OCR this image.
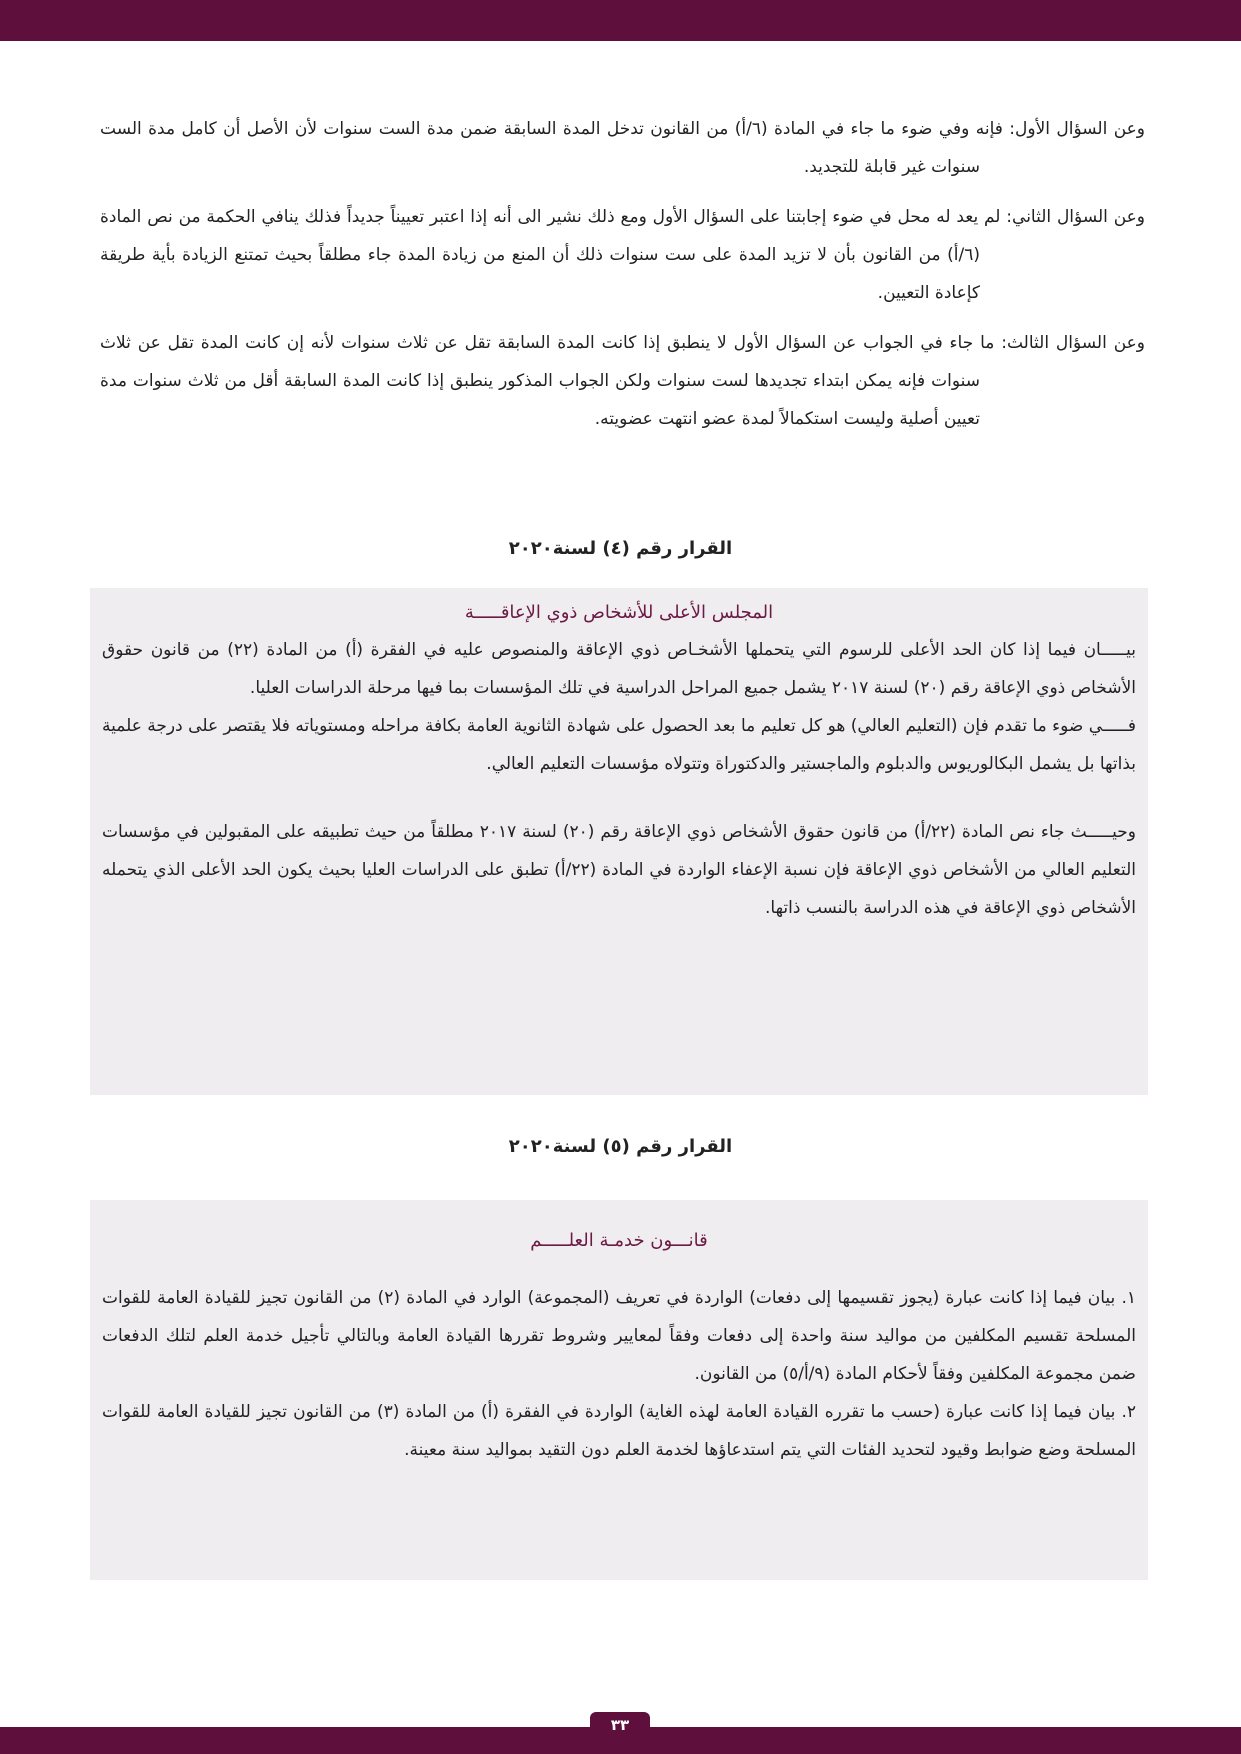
وعن السؤال الأول: فإنه وفي ضوء ما جاء في المادة (٦/أ) من القانون تدخل المدة السابقة ضمن مدة الست سنوات لأن الأصل أن كامل مدة الست سنوات غير قابلة للتجديد.

وعن السؤال الثاني: لم يعد له محل في ضوء إجابتنا على السؤال الأول ومع ذلك نشير الى أنه إذا اعتبر تعييناً جديداً فذلك ينافي الحكمة من نص المادة (٦/أ) من القانون بأن لا تزيد المدة على ست سنوات ذلك أن المنع من زيادة المدة جاء مطلقاً بحيث تمتنع الزيادة بأية طريقة كإعادة التعيين.

وعن السؤال الثالث: ما جاء في الجواب عن السؤال الأول لا ينطبق إذا كانت المدة السابقة تقل عن ثلاث سنوات لأنه إن كانت المدة تقل عن ثلاث سنوات فإنه يمكن ابتداء تجديدها لست سنوات ولكن الجواب المذكور ينطبق إذا كانت المدة السابقة أقل من ثلاث سنوات مدة تعيين أصلية وليست استكمالاً لمدة عضو انتهت عضويته.

القرار رقم (٤) لسنة٢٠٢٠
المجلس الأعلى للأشخاص ذوي الإعاقـــــة

بيـــــان فيما إذا كان الحد الأعلى للرسوم التي يتحملها الأشخـاص ذوي الإعاقة والمنصوص عليه في الفقرة (أ) من المادة (٢٢) من قانون حقوق الأشخاص ذوي الإعاقة رقم (٢٠) لسنة ٢٠١٧ يشمل جميع المراحل الدراسية في تلك المؤسسات بما فيها مرحلة الدراسات العليا.

فـــــي ضوء ما تقدم فإن (التعليم العالي) هو كل تعليم ما بعد الحصول على شهادة الثانوية العامة بكافة مراحله ومستوياته فلا يقتصر على درجة علمية بذاتها بل يشمل البكالوريوس والدبلوم والماجستير والدكتوراة وتتولاه مؤسسات التعليم العالي.

وحيـــــث جاء نص المادة (٢٢/أ) من قانون حقوق الأشخاص ذوي الإعاقة رقم (٢٠) لسنة ٢٠١٧ مطلقاً من حيث تطبيقه على المقبولين في مؤسسات التعليم العالي من الأشخاص ذوي الإعاقة فإن نسبة الإعفاء الواردة في المادة (٢٢/أ) تطبق على الدراسات العليا بحيث يكون الحد الأعلى الذي يتحمله الأشخاص ذوي الإعاقة في هذه الدراسة بالنسب ذاتها.

القرار رقم (٥) لسنة٢٠٢٠
قانـــون خدمـة العلـــــم

١. بيان فيما إذا كانت عبارة (يجوز تقسيمها إلى دفعات) الواردة في تعريف (المجموعة) الوارد في المادة (٢) من القانون تجيز للقيادة العامة للقوات المسلحة تقسيم المكلفين من مواليد سنة واحدة إلى دفعات وفقاً لمعايير وشروط تقررها القيادة العامة وبالتالي تأجيل خدمة العلم لتلك الدفعات ضمن مجموعة المكلفين وفقاً لأحكام المادة (٩/أ/٥) من القانون.

٢. بيان فيما إذا كانت عبارة (حسب ما تقرره القيادة العامة لهذه الغاية) الواردة في الفقرة (أ) من المادة (٣) من القانون تجيز للقيادة العامة للقوات المسلحة وضع ضوابط وقيود لتحديد الفئات التي يتم استدعاؤها لخدمة العلم دون التقيد بمواليد سنة معينة.

٣٣
